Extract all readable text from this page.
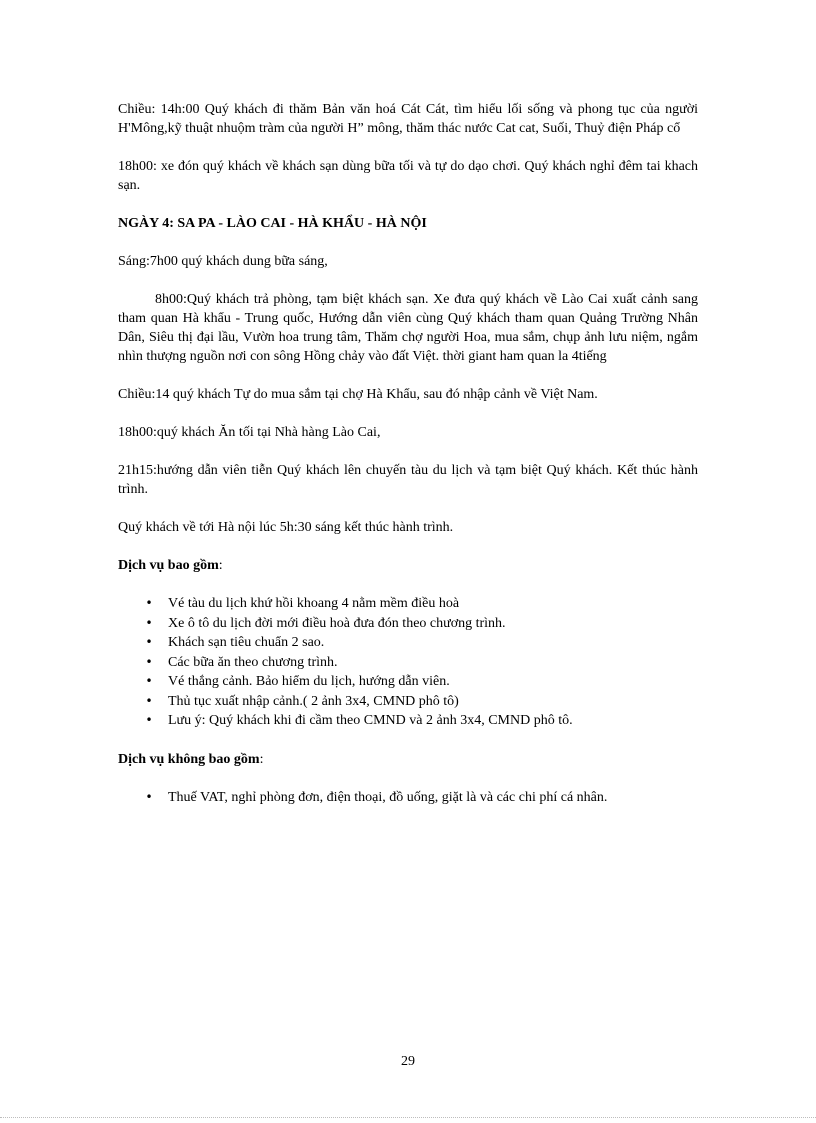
Chiều: 14h:00 Quý khách đi thăm Bản văn hoá Cát Cát, tìm hiểu lối sống và phong tục của người H'Mông,kỹ thuật nhuộm tràm của người H” mông, thăm thác nước Cat cat, Suối, Thuỷ điện Pháp cổ

18h00: xe đón quý khách về khách sạn dùng bữa tối và tự do dạo chơi. Quý khách nghỉ đêm tai khach sạn.

NGÀY 4: SA PA - LÀO CAI - HÀ KHẨU - HÀ NỘI

Sáng:7h00 quý khách dung bữa sáng,

8h00:Quý khách trả phòng, tạm biệt khách sạn. Xe đưa quý khách về Lào Cai xuất cảnh sang tham quan Hà khẩu - Trung quốc, Hướng dẫn viên cùng Quý khách tham quan Quảng Trường Nhân Dân, Siêu thị đại lầu, Vườn hoa trung tâm, Thăm chợ người Hoa, mua sắm, chụp ảnh lưu niệm, ngắm nhìn thượng nguồn nơi con sông Hồng chảy vào đất Việt. thời giant ham quan la 4tiếng

Chiều:14 quý khách Tự do mua sắm tại chợ Hà Khẩu, sau đó nhập cảnh về Việt Nam.

18h00:quý khách Ăn tối tại Nhà hàng Lào Cai,

21h15:hướng dẫn viên tiễn Quý khách lên chuyến tàu du lịch và tạm biệt Quý khách. Kết thúc hành trình.

Quý khách về tới Hà nội lúc 5h:30 sáng kết thúc hành trình.

Dịch vụ bao gồm:

• Vé tàu du lịch khứ hồi khoang 4 nằm mềm điều hoà
• Xe ô tô du lịch đời mới điều hoà đưa đón theo chương trình.
• Khách sạn tiêu chuẩn 2 sao.
• Các bữa ăn theo chương trình.
• Vé thắng cảnh. Bảo hiểm du lịch, hướng dẫn viên.
• Thủ tục xuất nhập cảnh.( 2 ảnh 3x4, CMND phô tô)
• Lưu ý: Quý khách khi đi cầm theo CMND và 2 ảnh 3x4, CMND phô tô.

Dịch vụ không bao gồm:

• Thuế VAT, nghỉ phòng đơn, điện thoại, đồ uống, giặt là và các chi phí cá nhân.
29
